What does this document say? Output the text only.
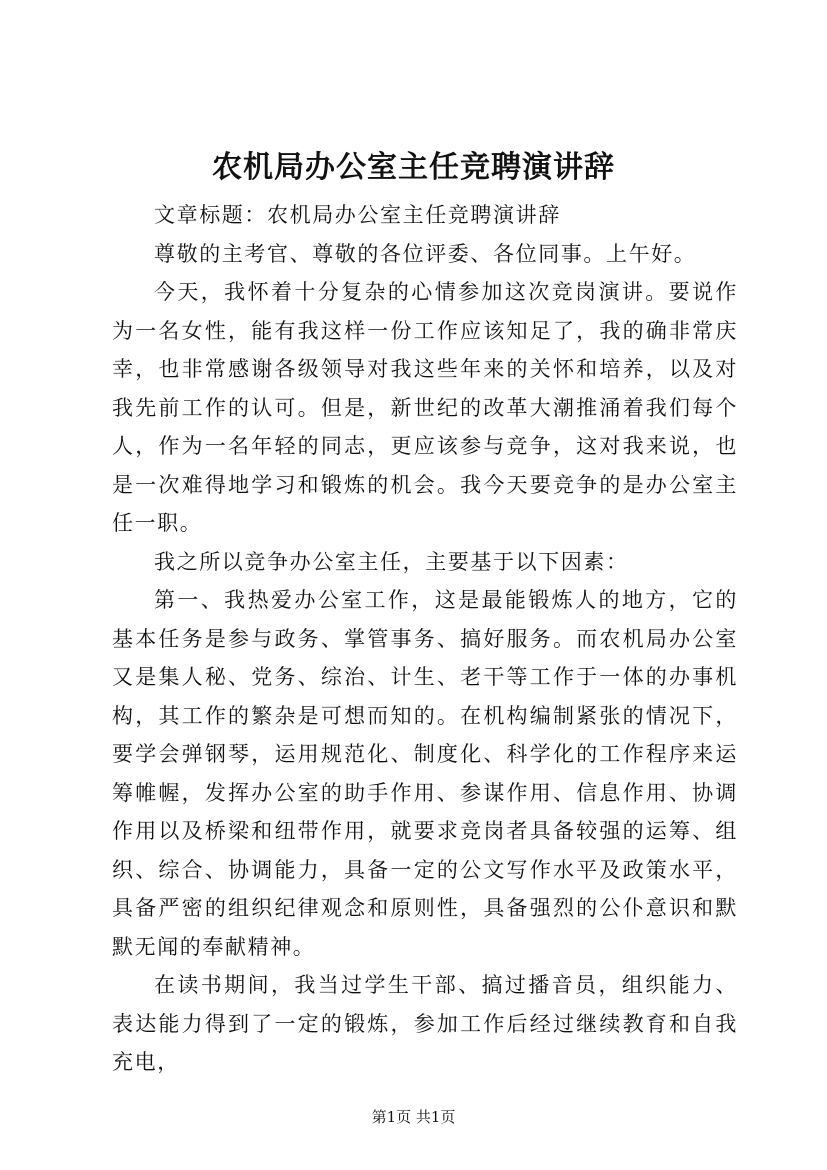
农机局办公室主任竞聘演讲辞

文章标题：农机局办公室主任竞聘演讲辞

尊敬的主考官、尊敬的各位评委、各位同事。上午好。

今天，我怀着十分复杂的心情参加这次竞岗演讲。要说作为一名女性，能有我这样一份工作应该知足了，我的确非常庆幸，也非常感谢各级领导对我这些年来的关怀和培养，以及对我先前工作的认可。但是，新世纪的改革大潮推涌着我们每个人，作为一名年轻的同志，更应该参与竞争，这对我来说，也是一次难得地学习和锻炼的机会。我今天要竞争的是办公室主任一职。

我之所以竞争办公室主任，主要基于以下因素：

第一、我热爱办公室工作，这是最能锻炼人的地方，它的基本任务是参与政务、掌管事务、搞好服务。而农机局办公室又是集人秘、党务、综治、计生、老干等工作于一体的办事机构，其工作的繁杂是可想而知的。在机构编制紧张的情况下，要学会弹钢琴，运用规范化、制度化、科学化的工作程序来运筹帷幄，发挥办公室的助手作用、参谋作用、信息作用、协调作用以及桥梁和纽带作用，就要求竞岗者具备较强的运筹、组织、综合、协调能力，具备一定的公文写作水平及政策水平，具备严密的组织纪律观念和原则性，具备强烈的公仆意识和默默无闻的奉献精神。

在读书期间，我当过学生干部、搞过播音员，组织能力、表达能力得到了一定的锻炼，参加工作后经过继续教育和自我充电，

第1页 共1页
